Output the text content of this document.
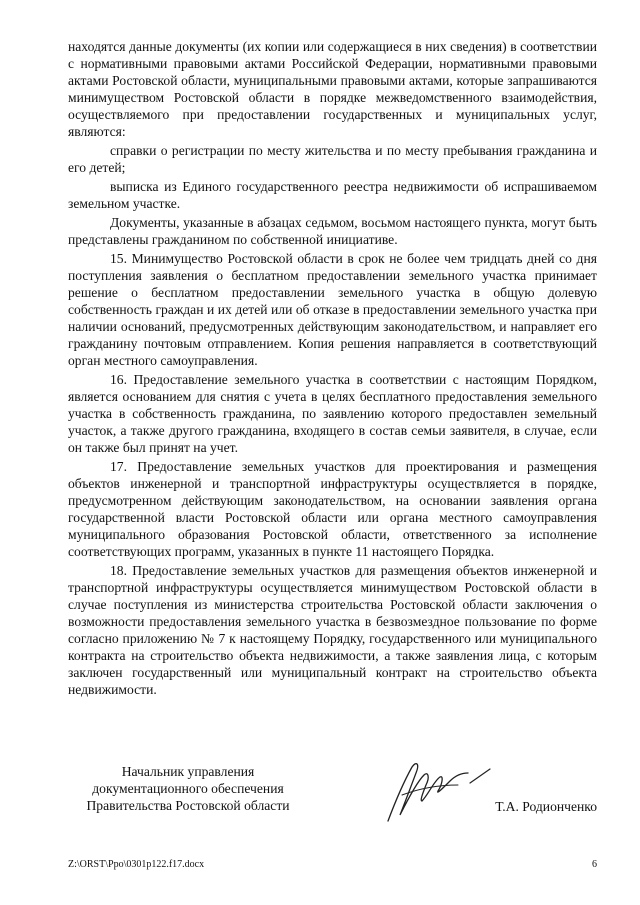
находятся данные документы (их копии или содержащиеся в них сведения) в соответствии с нормативными правовыми актами Российской Федерации, нормативными правовыми актами Ростовской области, муниципальными правовыми актами, которые запрашиваются минимуществом Ростовской области в порядке межведомственного взаимодействия, осуществляемого при предоставлении государственных и муниципальных услуг, являются:

справки о регистрации по месту жительства и по месту пребывания гражданина и его детей;

выписка из Единого государственного реестра недвижимости об испрашиваемом земельном участке.

Документы, указанные в абзацах седьмом, восьмом настоящего пункта, могут быть представлены гражданином по собственной инициативе.

15. Минимущество Ростовской области в срок не более чем тридцать дней со дня поступления заявления о бесплатном предоставлении земельного участка принимает решение о бесплатном предоставлении земельного участка в общую долевую собственность граждан и их детей или об отказе в предоставлении земельного участка при наличии оснований, предусмотренных действующим законодательством, и направляет его гражданину почтовым отправлением. Копия решения направляется в соответствующий орган местного самоуправления.

16. Предоставление земельного участка в соответствии с настоящим Порядком, является основанием для снятия с учета в целях бесплатного предоставления земельного участка в собственность гражданина, по заявлению которого предоставлен земельный участок, а также другого гражданина, входящего в состав семьи заявителя, в случае, если он также был принят на учет.

17. Предоставление земельных участков для проектирования и размещения объектов инженерной и транспортной инфраструктуры осуществляется в порядке, предусмотренном действующим законодательством, на основании заявления органа государственной власти Ростовской области или органа местного самоуправления муниципального образования Ростовской области, ответственного за исполнение соответствующих программ, указанных в пункте 11 настоящего Порядка.

18. Предоставление земельных участков для размещения объектов инженерной и транспортной инфраструктуры осуществляется минимуществом Ростовской области в случае поступления из министерства строительства Ростовской области заключения о возможности предоставления земельного участка в безвозмездное пользование по форме согласно приложению № 7 к настоящему Порядку, государственного или муниципального контракта на строительство объекта недвижимости, а также заявления лица, с которым заключен государственный или муниципальный контракт на строительство объекта недвижимости.

Начальник управления
документационного обеспечения
Правительства Ростовской области	Т.А. Родионченко
Z:\ORST\Ppo\0301p122.f17.docx	6
